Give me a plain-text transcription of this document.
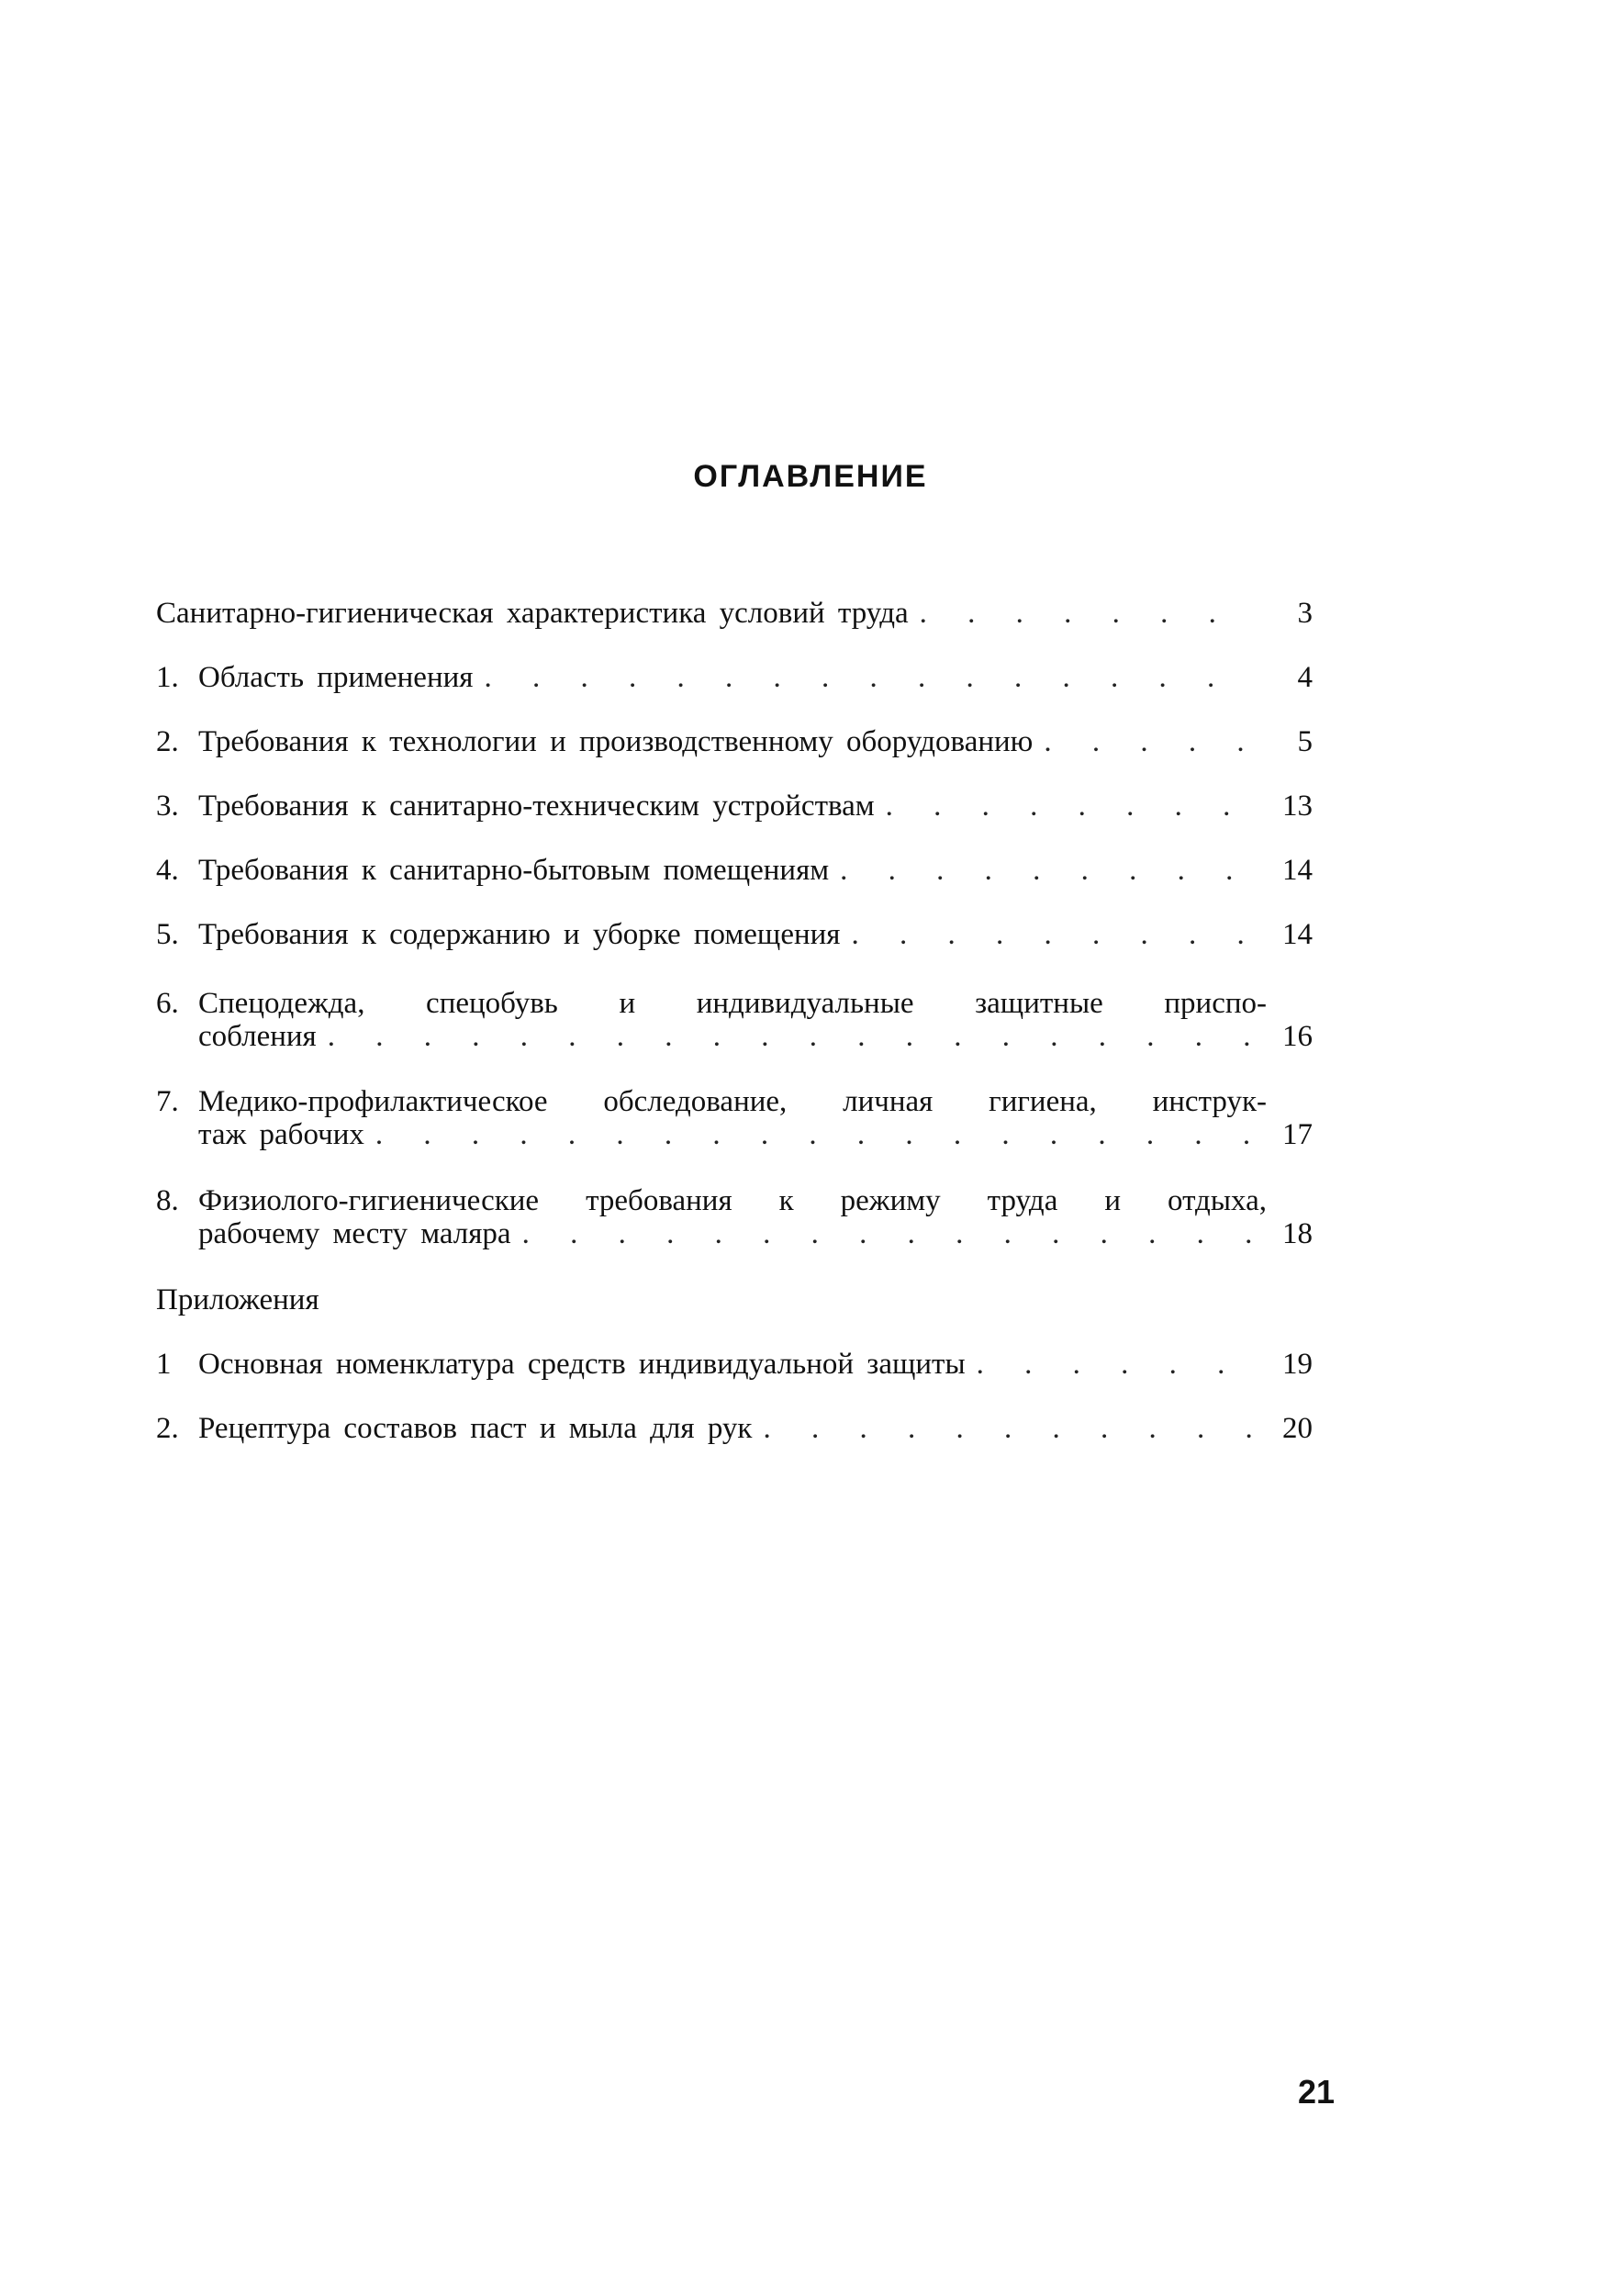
ОГЛАВЛЕНИЕ
Санитарно-гигиеническая характеристика условий труда . . .	3
1. Область применения . . .	4
2. Требования к технологии и производственному оборудованию . . .	5
3. Требования к санитарно-техническим устройствам . . .	13
4. Требования к санитарно-бытовым помещениям . . .	14
5. Требования к содержанию и уборке помещения . . .	14
6. Спецодежда, спецобувь и индивидуальные защитные приспо-
собления . . .	16
7. Медико-профилактическое обследование, личная гигиена, инструк-
таж рабочих . . .	17
8. Физиолого-гигиенические требования к режиму труда и отдыха,
рабочему месту маляра . . .	18
Приложения
1 Основная номенклатура средств индивидуальной защиты . . .	19
2. Рецептура составов паст и мыла для рук . . .	20
21
